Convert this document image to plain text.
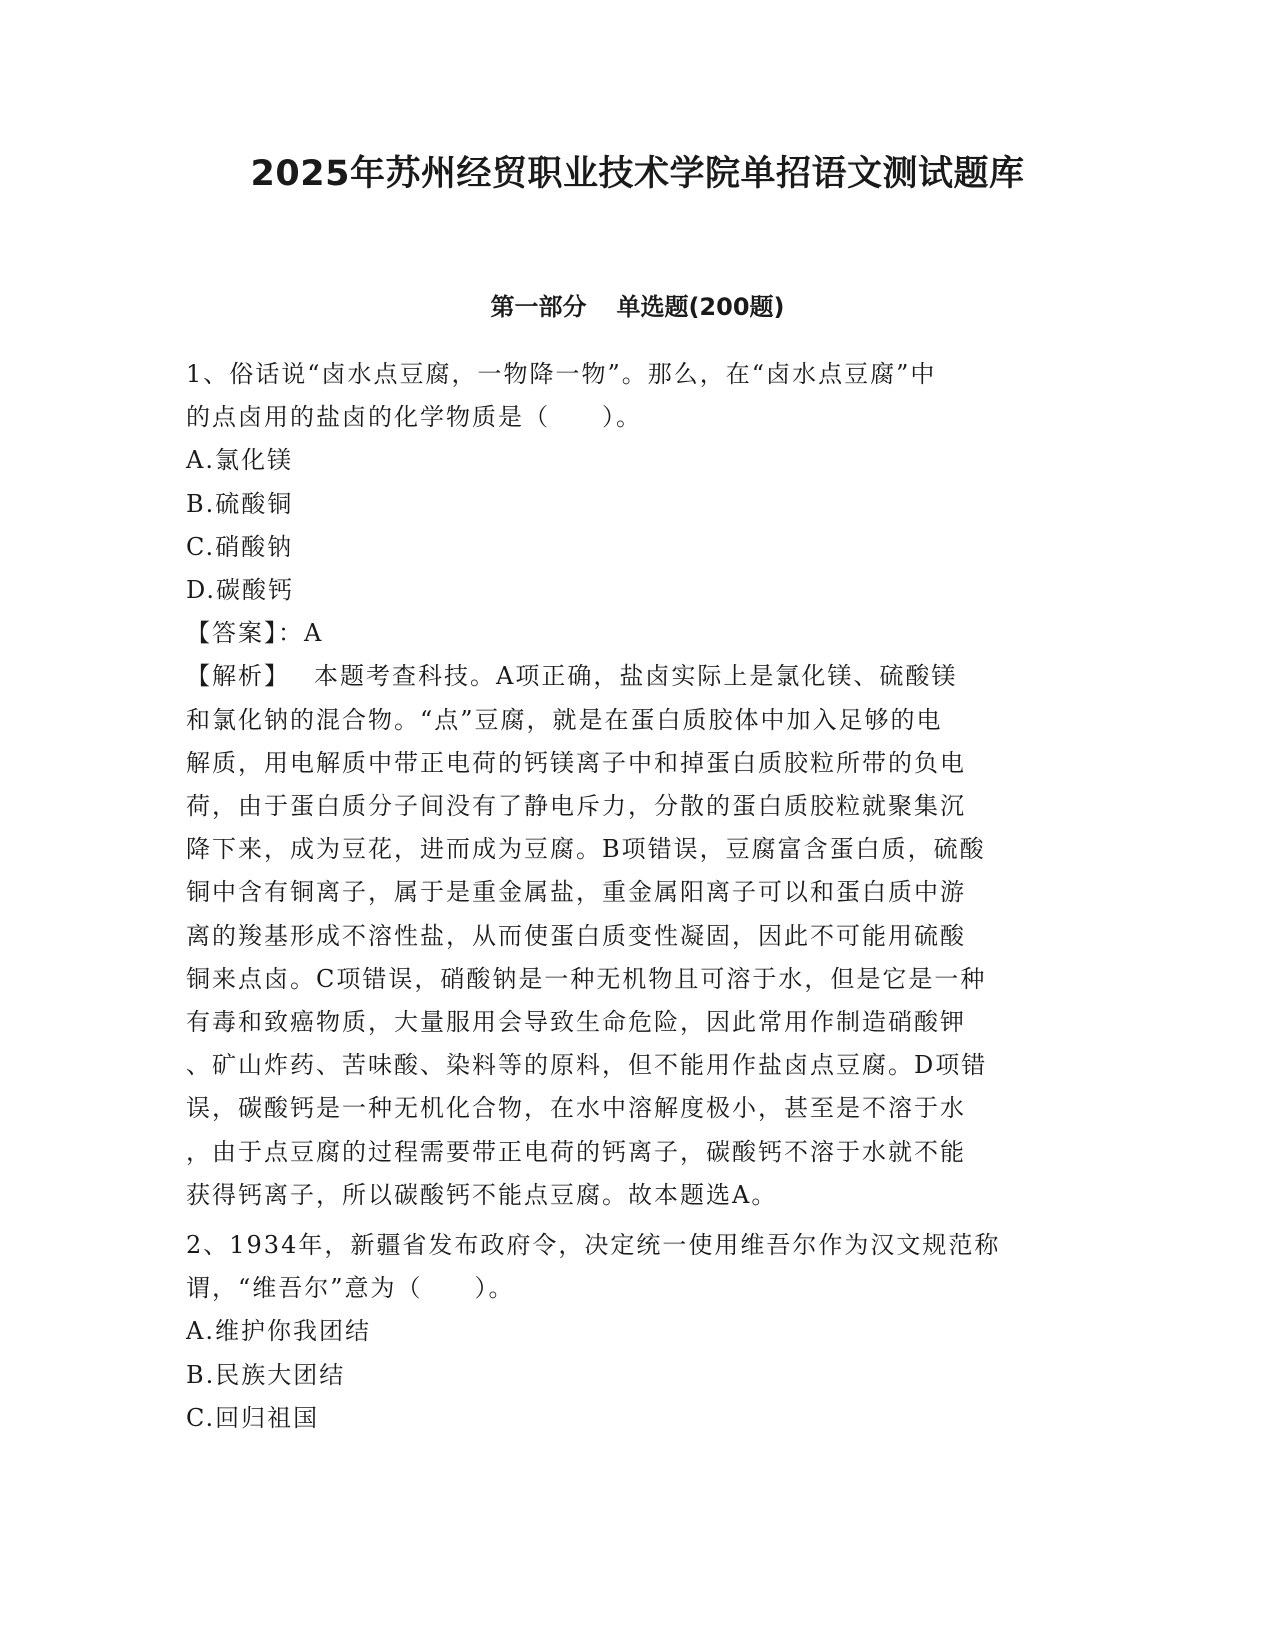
2025年苏州经贸职业技术学院单招语文测试题库
第一部分 单选题(200题)
1、俗话说“卤水点豆腐，一物降一物”。那么，在“卤水点豆腐”中
的点卤用的盐卤的化学物质是（　　）。
A.氯化镁
B.硫酸铜
C.硝酸钠
D.碳酸钙
【答案】：A
【解析】 本题考查科技。A项正确，盐卤实际上是氯化镁、硫酸镁
和氯化钠的混合物。“点”豆腐，就是在蛋白质胶体中加入足够的电
解质，用电解质中带正电荷的钙镁离子中和掉蛋白质胶粒所带的负电
荷，由于蛋白质分子间没有了静电斥力，分散的蛋白质胶粒就聚集沉
降下来，成为豆花，进而成为豆腐。B项错误，豆腐富含蛋白质，硫酸
铜中含有铜离子，属于是重金属盐，重金属阳离子可以和蛋白质中游
离的羧基形成不溶性盐，从而使蛋白质变性凝固，因此不可能用硫酸
铜来点卤。C项错误，硝酸钠是一种无机物且可溶于水，但是它是一种
有毒和致癌物质，大量服用会导致生命危险，因此常用作制造硝酸钾
、矿山炸药、苦味酸、染料等的原料，但不能用作盐卤点豆腐。D项错
误，碳酸钙是一种无机化合物，在水中溶解度极小，甚至是不溶于水
，由于点豆腐的过程需要带正电荷的钙离子，碳酸钙不溶于水就不能
获得钙离子，所以碳酸钙不能点豆腐。故本题选A。
2、1934年，新疆省发布政府令，决定统一使用维吾尔作为汉文规范称
谓，“维吾尔”意为（　　）。
A.维护你我团结
B.民族大团结
C.回归祖国
